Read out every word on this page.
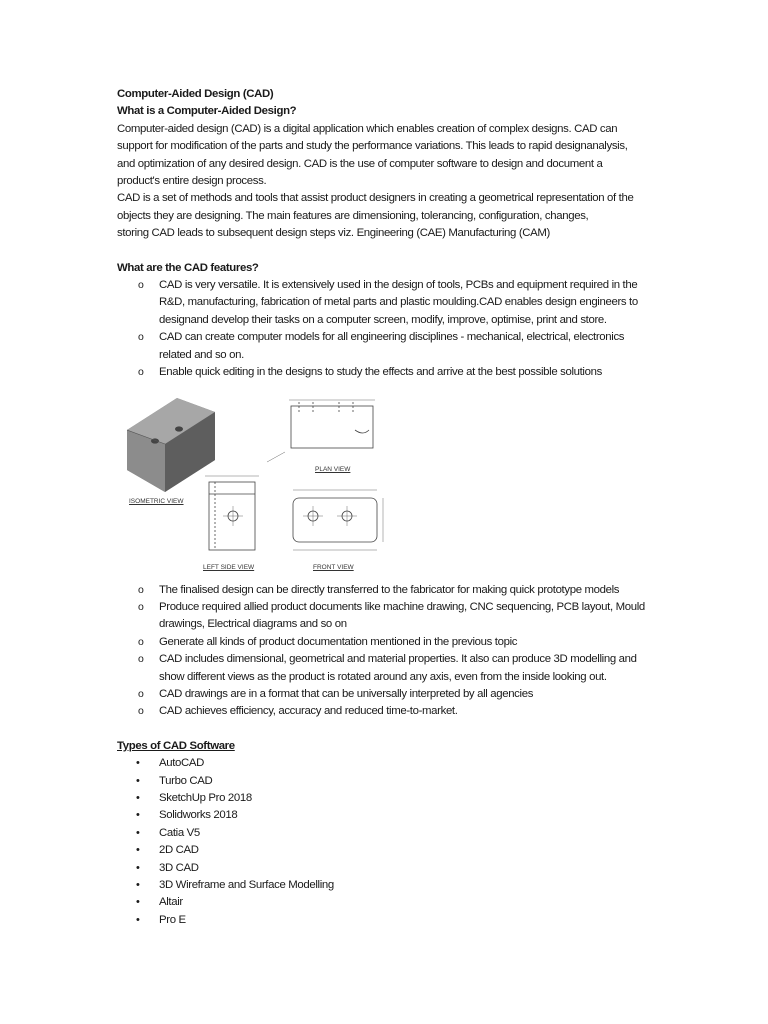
Computer-Aided Design (CAD)
What is a Computer-Aided Design?
Computer-aided design (CAD) is a digital application which enables creation of complex designs. CAD can
support for modification of the parts and study the performance variations. This leads to rapid designanalysis,
and optimization of any desired design. CAD is the use of computer software to design and document a
product's entire design process.
CAD is a set of methods and tools that assist product designers in creating a geometrical representation of the
objects they are designing. The main features are dimensioning, tolerancing, configuration, changes,
storing CAD leads to subsequent design steps viz. Engineering (CAE) Manufacturing (CAM)
What are the CAD features?
o CAD is very versatile. It is extensively used in the design of tools, PCBs and equipment required in the
R&D, manufacturing, fabrication of metal parts and plastic moulding.CAD enables design engineers to
designand develop their tasks on a computer screen, modify, improve, optimise, print and store.
o CAD can create computer models for all engineering disciplines - mechanical, electrical, electronics
related and so on.
o Enable quick editing in the designs to study the effects and arrive at the best possible solutions
ISOMETRIC VIEW
PLAN VIEW
LEFT SIDE VIEW	FRONT VIEW
o The finalised design can be directly transferred to the fabricator for making quick prototype models
o Produce required allied product documents like machine drawing, CNC sequencing, PCB layout, Mould
drawings, Electrical diagrams and so on
o Generate all kinds of product documentation mentioned in the previous topic
o CAD includes dimensional, geometrical and material properties. It also can produce 3D modelling and
show different views as the product is rotated around any axis, even from the inside looking out.
o CAD drawings are in a format that can be universally interpreted by all agencies
o CAD achieves efficiency, accuracy and reduced time-to-market.
Types of CAD Software
• AutoCAD
• Turbo CAD
• SketchUp Pro 2018
• Solidworks 2018
• Catia V5
• 2D CAD
• 3D CAD
• 3D Wireframe and Surface Modelling
• Altair
• Pro E
